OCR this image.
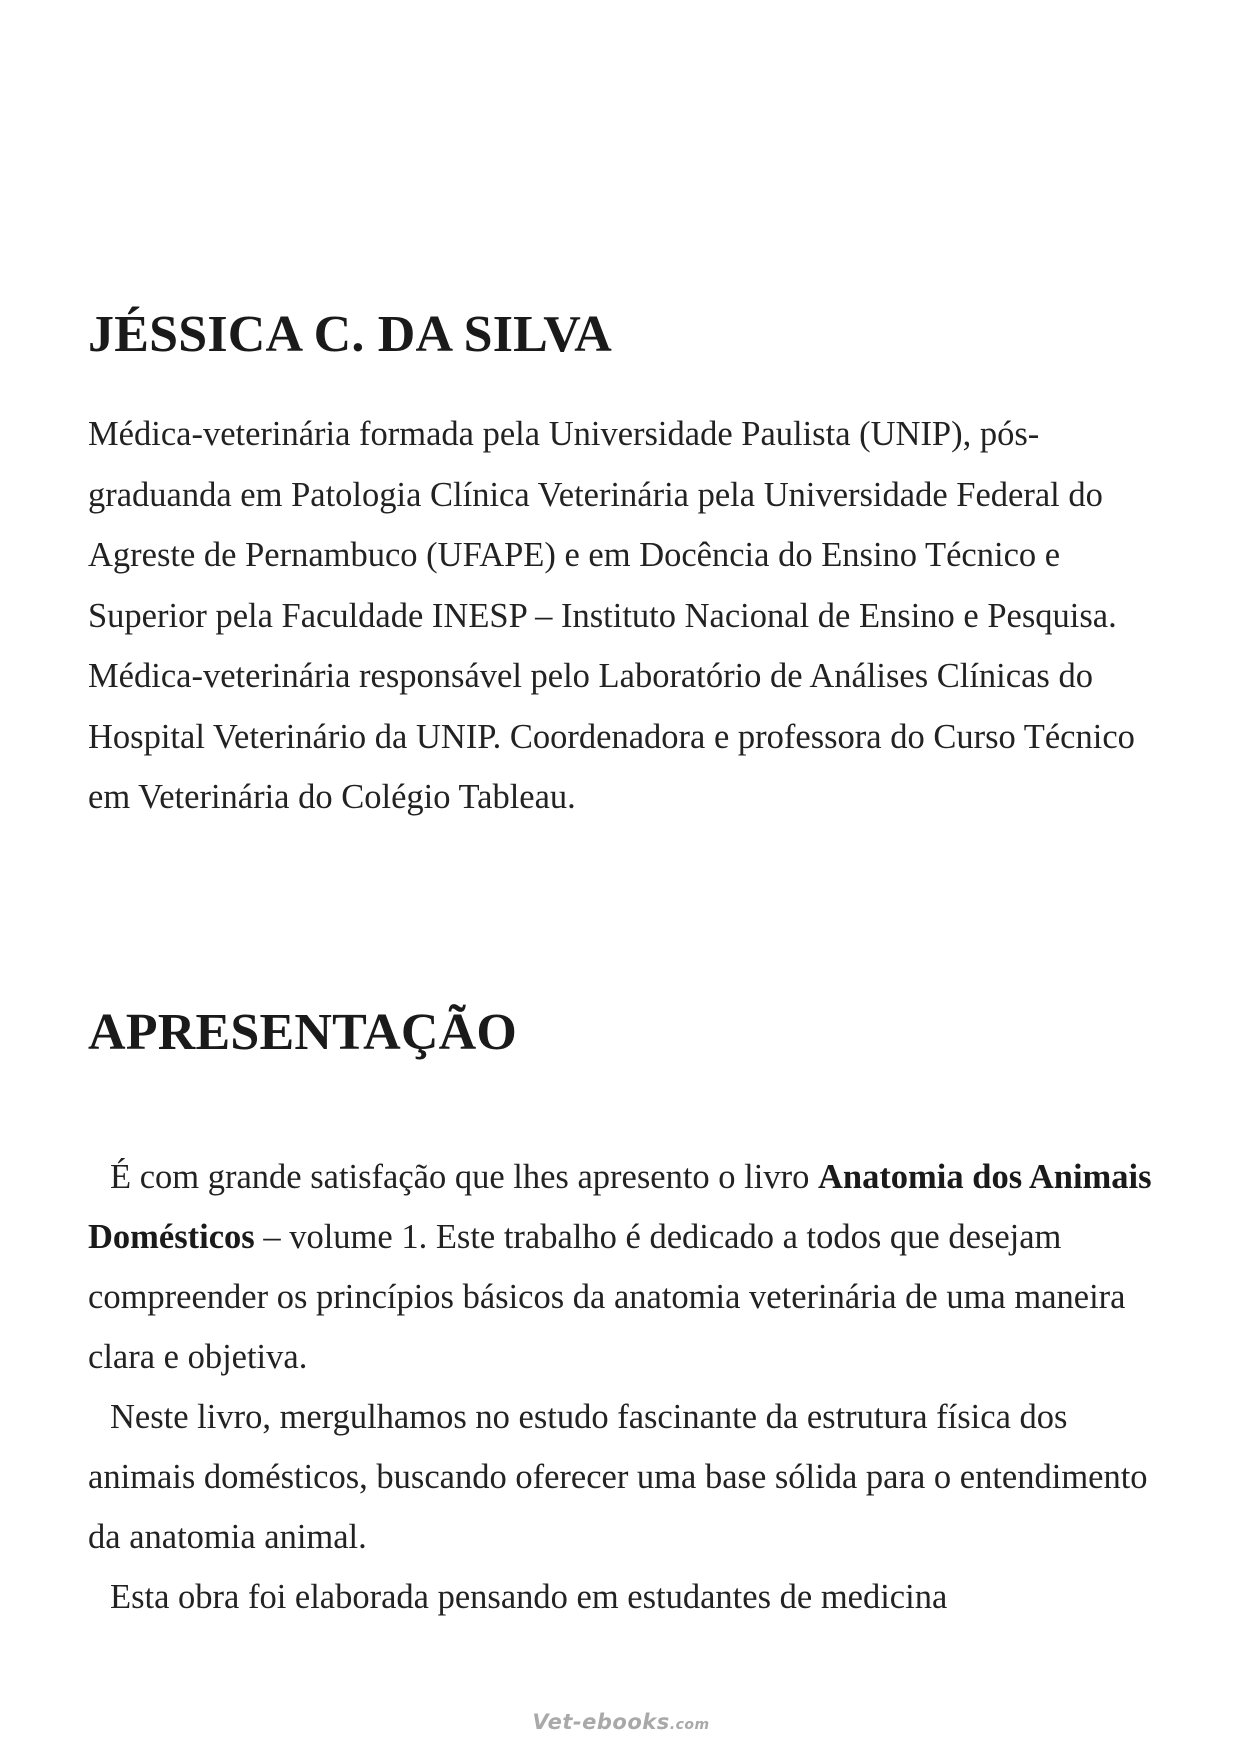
JÉSSICA C. DA SILVA

Médica-veterinária formada pela Universidade Paulista (UNIP), pós-graduanda em Patologia Clínica Veterinária pela Universidade Federal do Agreste de Pernambuco (UFAPE) e em Docência do Ensino Técnico e Superior pela Faculdade INESP – Instituto Nacional de Ensino e Pesquisa. Médica-veterinária responsável pelo Laboratório de Análises Clínicas do Hospital Veterinário da UNIP. Coordenadora e professora do Curso Técnico em Veterinária do Colégio Tableau.

APRESENTAÇÃO

É com grande satisfação que lhes apresento o livro Anatomia dos Animais Domésticos – volume 1. Este trabalho é dedicado a todos que desejam compreender os princípios básicos da anatomia veterinária de uma maneira clara e objetiva.

Neste livro, mergulhamos no estudo fascinante da estrutura física dos animais domésticos, buscando oferecer uma base sólida para o entendimento da anatomia animal.

Esta obra foi elaborada pensando em estudantes de medicina

Vet-ebooks.com
